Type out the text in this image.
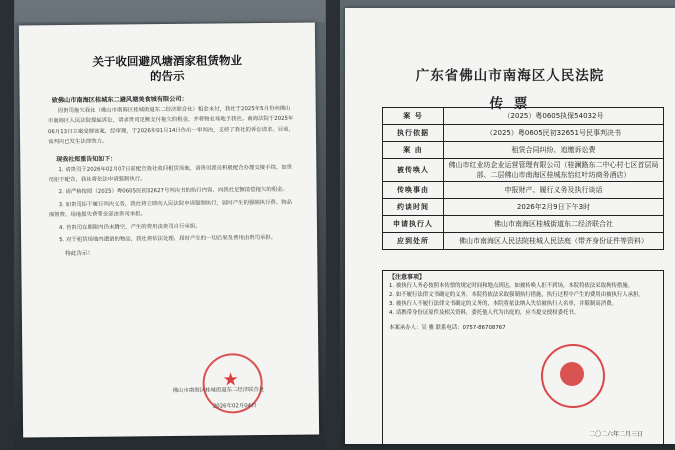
关于收回避风塘酒家租赁物业
的告示
致佛山市南海区桂城东二避风塘美食城有限公司：
因贵司拖欠我社（佛山市南海区桂城街道东二经济联合社）租金未付，我社于2025年5月份向佛山市南海区人民法院提起诉讼，请求贵司足额支付拖欠的租金，并将物业场地予我社。南海法院于2025年06月13日立案受理该案，经审理，于2026年01月14日作出一审判决，支持了我社的诉讼请求。目前，该判决已发生法律效力。
现我社郑重告知如下：
1. 请贵司于2026年02月07日前配合我社收回租赁场地，请贵司派员积极配合办理交接手续，如贵司拒不配合，我社将依法申请强制执行。
2. 请严格按照（2025）粤0605民初32627号判决书的执行内容，向我社足额清偿拖欠的租金。
3. 如贵司拒不履行判决义务，我社将立即向人民法院申请强制执行，届时产生的强制执行费、物品保管费、场地损失费等全部由贵司承担。
4. 若贵司在期限内仍未腾空，产生的费用由贵司自行承担。
5. 对于租赁场地内遗留的物品，我社将依法处理，届时产生的一切后果及费用由贵司承担。
特此告示！
★
佛山市南海区桂城街道东二经济联合社
2026年02月04日
广东省佛山市南海区人民法院
传 票
案 号	（2025）粤0605执保54032号
执行依据	（2025）粤0605民初32651号民事判决书
案 由	租赁合同纠纷、追缴诉讼费
被传唤人	佛山市红业坊企业运营管理有限公司（桂澜路东二中心村七区首层局部、二层佛山市南海区桂城东怡红叶坊商务酒店）
传唤事由	申报财产、履行义务及执行谈话
约谈时间	2026年2月9日下午3时
申请执行人	佛山市南海区桂城街道东二经济联合社
应到处所	佛山市南海区人民法院桂城人民法庭（带齐身份证件等资料）
【注意事项】
1. 被执行人务必按照本传票的规定时间和地点到达，如被传唤人拒不到场，本院将依法采取拘传措施。
2. 如不履行法律文书确定的义务，本院将依法采取强制执行措施，执行过程中产生的费用由被执行人承担。
3. 被执行人不履行法律文书确定的义务的，本院将依法纳入失信被执行人名单，并限制高消费。
4. 请携带身份证原件及相关资料，委托他人代为出庭的，应当提交授权委托书。
本案承办人：吴 雅 联系电话：0757-86708767
二〇二六年二月三日
